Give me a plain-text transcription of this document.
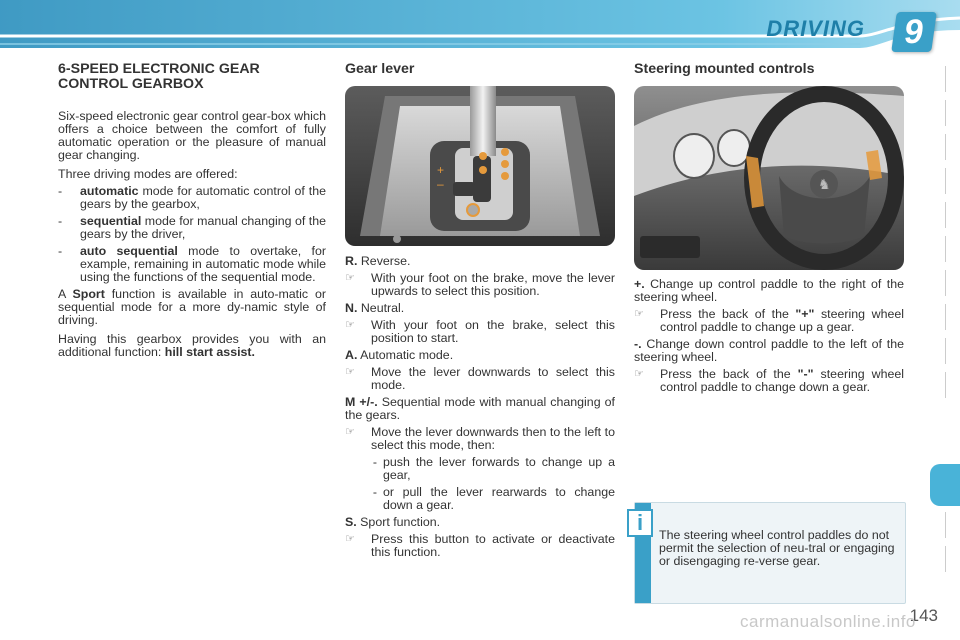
DRIVING	9
6-SPEED ELECTRONIC GEAR
CONTROL GEARBOX

Six-speed electronic gear control gear-box which offers a choice between the comfort of fully automatic operation or the pleasure of manual gear changing.

Three driving modes are offered:

-	automatic mode for automatic control of the gears by the gearbox,
-	sequential mode for manual changing of the gears by the driver,
-	auto sequential mode to overtake, for example, remaining in automatic mode while using the functions of the sequential mode.

A Sport function is available in auto-matic or sequential mode for a more dy-namic style of driving.

Having this gearbox provides you with an additional function: hill start assist.

Gear lever
+
–
R. Reverse.
☞	With your foot on the brake, move the lever upwards to select this position.
N. Neutral.
☞	With your foot on the brake, select this position to start.
A. Automatic mode.
☞	Move the lever downwards to select this mode.
M +/-. Sequential mode with manual changing of the gears.
☞	Move the lever downwards then to the left to select this mode, then:
- push the lever forwards to change up a gear,
- or pull the lever rearwards to change down a gear.
S. Sport function.
☞	Press this button to activate or deactivate this function.
Steering mounted controls
♞
+. Change up control paddle to the right of the steering wheel.
☞	Press the back of the "+" steering wheel control paddle to change up a gear.
-. Change down control paddle to the left of the steering wheel.
☞	Press the back of the "-" steering wheel control paddle to change down a gear.
i	The steering wheel control paddles do not permit the selection of neu-tral or engaging or disengaging re-verse gear.
143
carmanualsonline.info
